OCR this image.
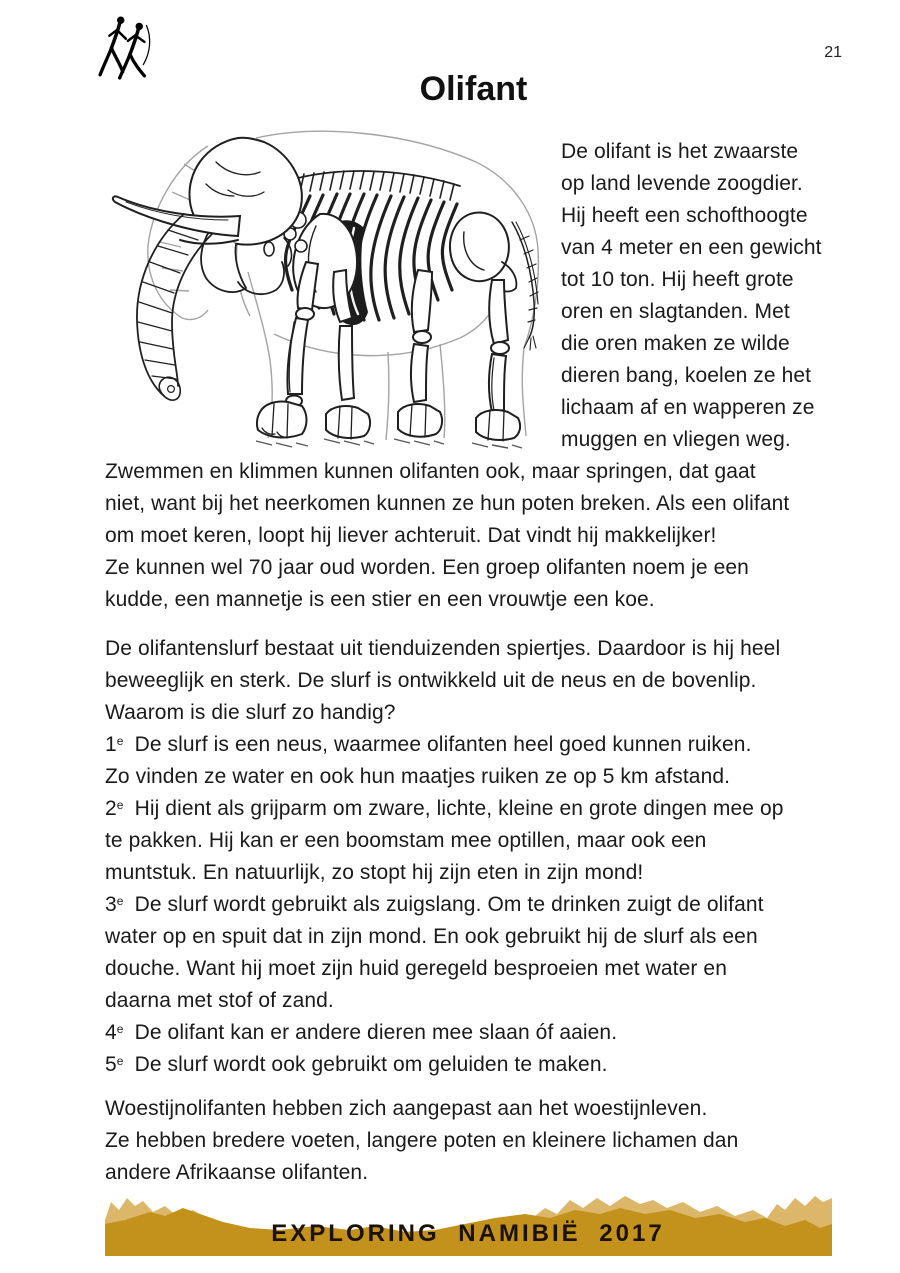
21
Olifant
De olifant is het zwaarste
op land levende zoogdier.
Hij heeft een schofthoogte
van 4 meter en een gewicht
tot 10 ton. Hij heeft grote
oren en slagtanden. Met
die oren maken ze wilde
dieren bang, koelen ze het
lichaam af en wapperen ze
muggen en vliegen weg.
Zwemmen en klimmen kunnen olifanten ook, maar springen, dat gaat
niet, want bij het neerkomen kunnen ze hun poten breken. Als een olifant
om moet keren, loopt hij liever achteruit. Dat vindt hij makkelijker!
Ze kunnen wel 70 jaar oud worden. Een groep olifanten noem je een
kudde, een mannetje is een stier en een vrouwtje een koe.
De olifantenslurf bestaat uit tienduizenden spiertjes. Daardoor is hij heel
beweeglijk en sterk. De slurf is ontwikkeld uit de neus en de bovenlip.
Waarom is die slurf zo handig?
1e De slurf is een neus, waarmee olifanten heel goed kunnen ruiken.
Zo vinden ze water en ook hun maatjes ruiken ze op 5 km afstand.
2e Hij dient als grijparm om zware, lichte, kleine en grote dingen mee op
te pakken. Hij kan er een boomstam mee optillen, maar ook een
muntstuk. En natuurlijk, zo stopt hij zijn eten in zijn mond!
3e De slurf wordt gebruikt als zuigslang. Om te drinken zuigt de olifant
water op en spuit dat in zijn mond. En ook gebruikt hij de slurf als een
douche. Want hij moet zijn huid geregeld besproeien met water en
daarna met stof of zand.
4e De olifant kan er andere dieren mee slaan óf aaien.
5e De slurf wordt ook gebruikt om geluiden te maken.
Woestijnolifanten hebben zich aangepast aan het woestijnleven.
Ze hebben bredere voeten, langere poten en kleinere lichamen dan
andere Afrikaanse olifanten.
EXPLORING NAMIBIË 2017
